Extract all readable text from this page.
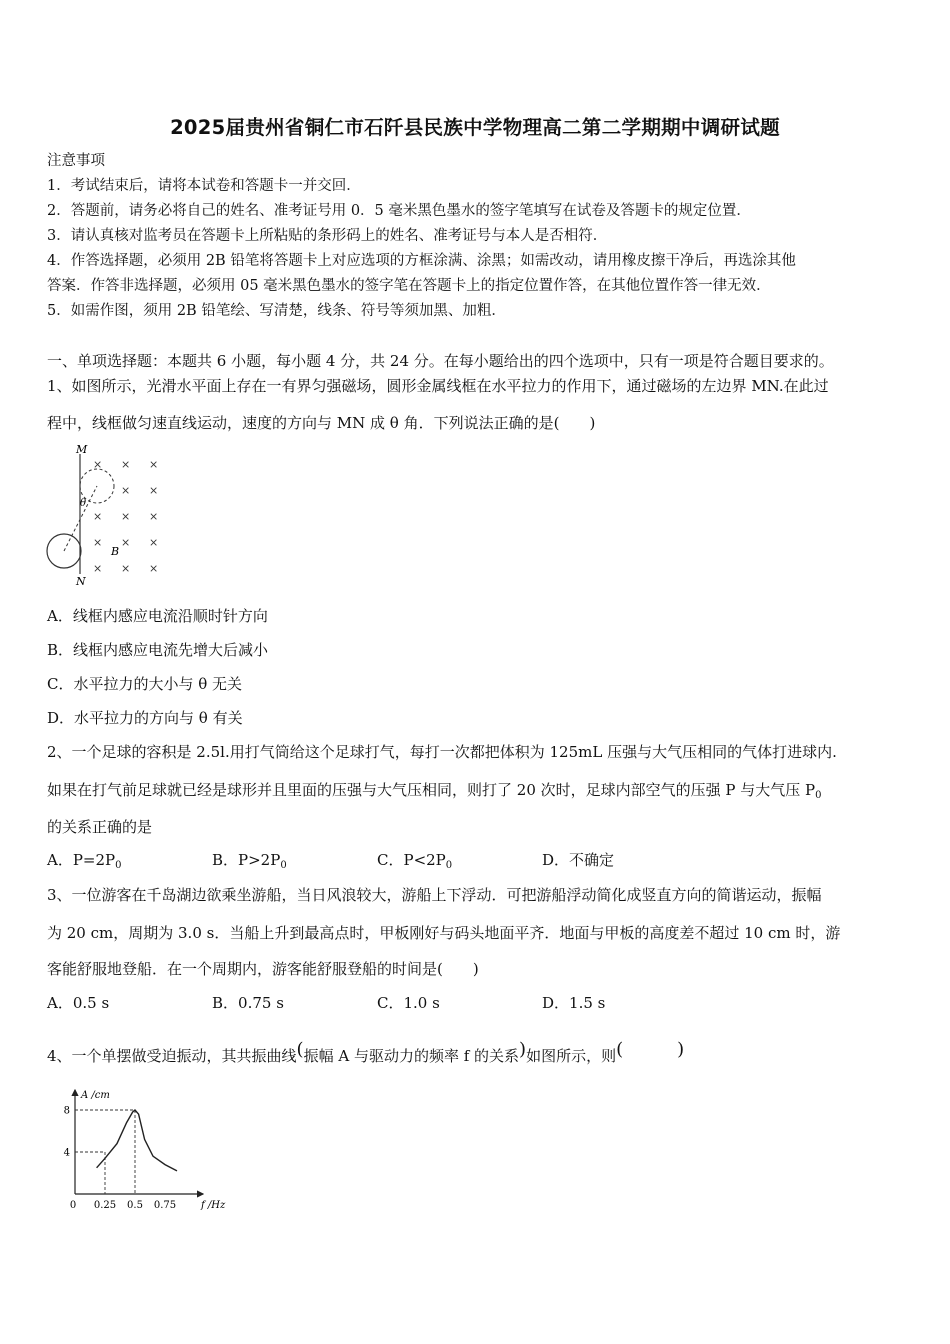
2025届贵州省铜仁市石阡县民族中学物理高二第二学期期中调研试题
注意事项
1．考试结束后，请将本试卷和答题卡一并交回．
2．答题前，请务必将自己的姓名、准考证号用 0．5 毫米黑色墨水的签字笔填写在试卷及答题卡的规定位置．
3．请认真核对监考员在答题卡上所粘贴的条形码上的姓名、准考证号与本人是否相符．
4．作答选择题，必须用 2B 铅笔将答题卡上对应选项的方框涂满、涂黑；如需改动，请用橡皮擦干净后，再选涂其他
答案．作答非选择题，必须用 05 毫米黑色墨水的签字笔在答题卡上的指定位置作答，在其他位置作答一律无效．
5．如需作图，须用 2B 铅笔绘、写清楚，线条、符号等须加黑、加粗．
一、单项选择题：本题共 6 小题，每小题 4 分，共 24 分。在每小题给出的四个选项中，只有一项是符合题目要求的。
1、如图所示，光滑水平面上存在一有界匀强磁场，圆形金属线框在水平拉力的作用下，通过磁场的左边界 MN.在此过
程中，线框做匀速直线运动，速度的方向与 MN 成 θ 角．下列说法正确的是(　　)
M
N
× × ×
× ×
× × ×
× × ×
× × ×
B
θ
A．线框内感应电流沿顺时针方向
B．线框内感应电流先增大后减小
C．水平拉力的大小与 θ 无关
D．水平拉力的方向与 θ 有关
2、一个足球的容积是 2.5l.用打气筒给这个足球打气，每打一次都把体积为 125mL 压强与大气压相同的气体打进球内.
如果在打气前足球就已经是球形并且里面的压强与大气压相同，则打了 20 次时，足球内部空气的压强 P 与大气压 $P_0$
的关系正确的是
A．$P=2P_0$	B．$P>2P_0$	C．$P<2P_0$	D．不确定
3、一位游客在千岛湖边欲乘坐游船，当日风浪较大，游船上下浮动．可把游船浮动简化成竖直方向的简谐运动，振幅
为 20 cm，周期为 3.0 s．当船上升到最高点时，甲板刚好与码头地面平齐．地面与甲板的高度差不超过 10 cm 时，游
客能舒服地登船．在一个周期内，游客能舒服登船的时间是(　　)
A．0.5 s	B．0.75 s	C．1.0 s	D．1.5 s
4、一个单摆做受迫振动，其共振曲线(振幅 A 与驱动力的频率 f 的关系)如图所示，则(　　　)
A /cm
f /Hz
0 0.25 0.5 0.75
4
8
